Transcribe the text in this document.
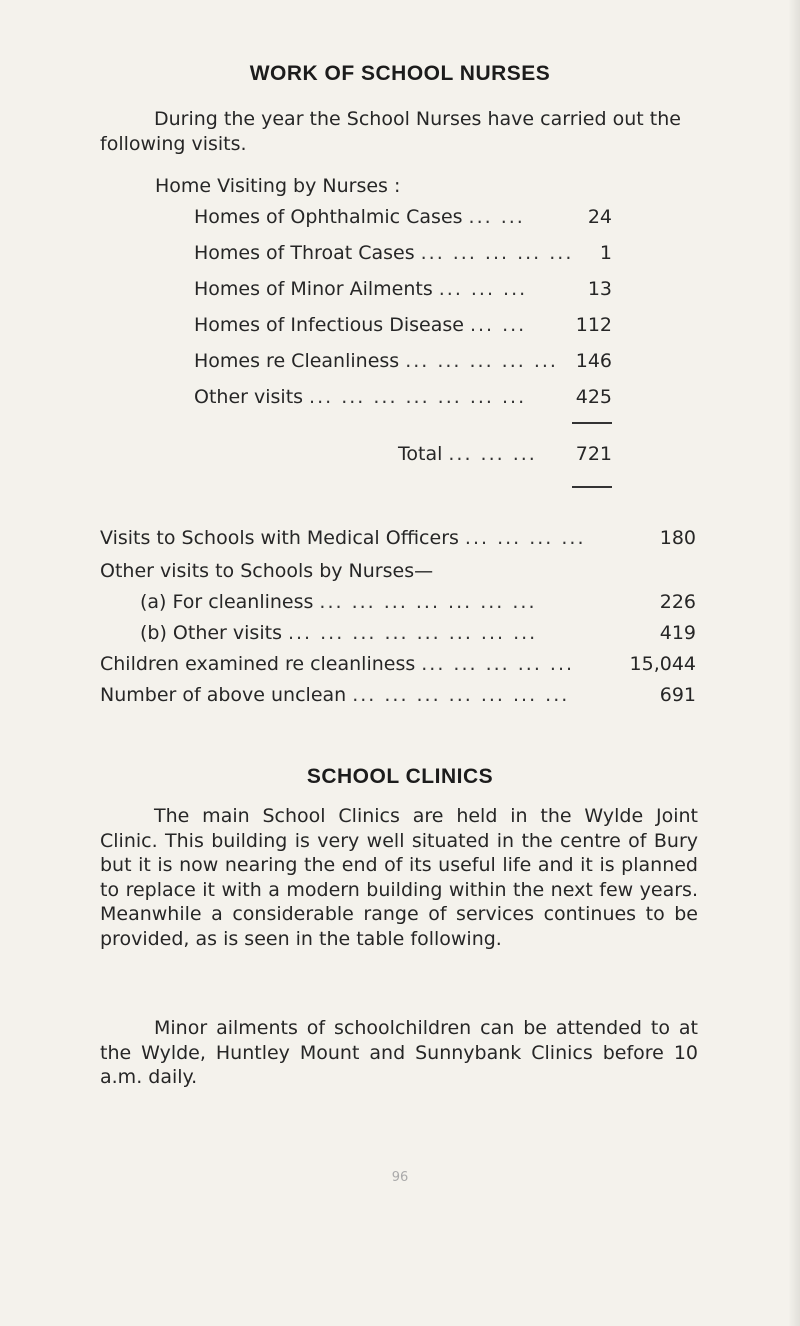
WORK OF SCHOOL NURSES
During the year the School Nurses have carried out the following visits.
Home Visiting by Nurses :
Homes of Ophthalmic Cases ... ...	24
Homes of Throat Cases ... ... ... ... ...	1
Homes of Minor Ailments ... ... ...	13
Homes of Infectious Disease ... ...	112
Homes re Cleanliness ... ... ... ... ... 146
Other visits ... ... ... ... ... ... ...	425
Total ... ... ...	721
Visits to Schools with Medical Officers ... ... ... ...	180
Other visits to Schools by Nurses—
(a) For cleanliness ... ... ... ... ... ... ...	226
(b) Other visits ... ... ... ... ... ... ... ...	419
Children examined re cleanliness ... ... ... ... ...	15,044
Number of above unclean ... ... ... ... ... ... ...	691
SCHOOL CLINICS
The main School Clinics are held in the Wylde Joint Clinic. This building is very well situated in the centre of Bury but it is now nearing the end of its useful life and it is planned to replace it with a modern building within the next few years. Meanwhile a considerable range of services continues to be provided, as is seen in the table following.
Minor ailments of schoolchildren can be attended to at the Wylde, Huntley Mount and Sunnybank Clinics before 10 a.m. daily.
96
